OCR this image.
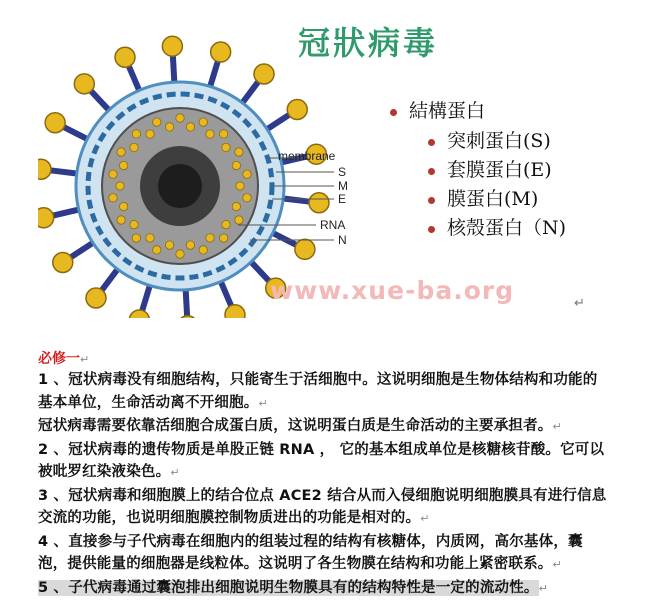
membrane
S
M
E
RNA
N
冠狀病毒
結構蛋白
突刺蛋白(S)
套膜蛋白(E)
膜蛋白(M)
核殼蛋白（N)
www.xue-ba.org	↵
必修一↵

1 、冠状病毒没有细胞结构，只能寄生于活细胞中。这说明细胞是生物体结构和功能的基本单位，生命活动离不开细胞。↵

冠状病毒需要依靠活细胞合成蛋白质，这说明蛋白质是生命活动的主要承担者。↵

2 、冠状病毒的遗传物质是单股正链 RNA ， 它的基本组成单位是核糖核苷酸。它可以被吡罗红染液染色。↵

3 、冠状病毒和细胞膜上的结合位点 ACE2 结合从而入侵细胞说明细胞膜具有进行信息交流的功能，也说明细胞膜控制物质进出的功能是相对的。↵

4 、直接参与子代病毒在细胞内的组装过程的结构有核糖体，内质网，高尔基体，囊泡，提供能量的细胞器是线粒体。这说明了各生物膜在结构和功能上紧密联系。↵

5 、子代病毒通过囊泡排出细胞说明生物膜具有的结构特性是一定的流动性。↵
